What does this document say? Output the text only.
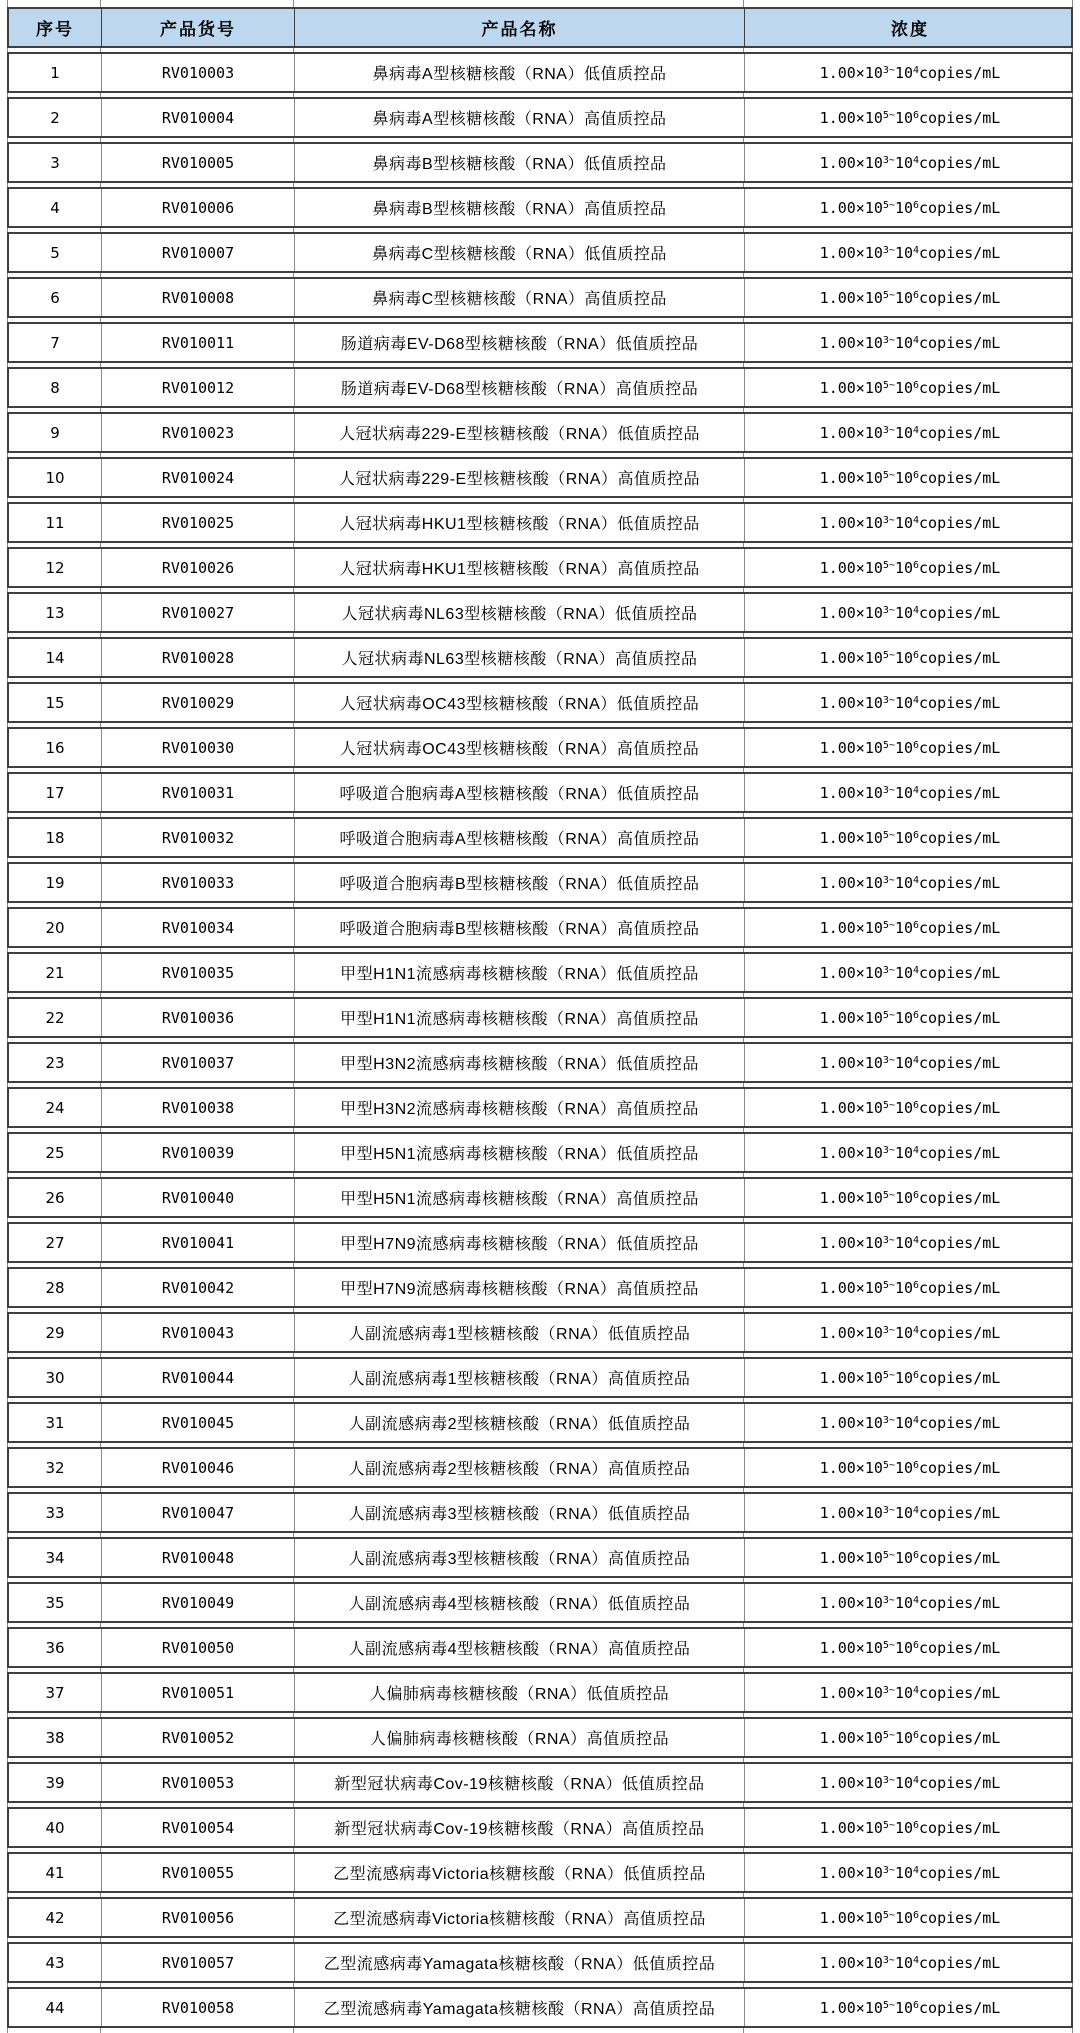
序号	产品货号	产品名称	浓度
1	RV010003	鼻病毒A型核糖核酸（RNA）低值质控品	$1.00\times 10^{3\sim}$ $10^4$ copies/mL
2	RV010004	鼻病毒A型核糖核酸（RNA）高值质控品	$1.00\times 10^{5\sim}$ $10^6$ copies/mL
3	RV010005	鼻病毒B型核糖核酸（RNA）低值质控品	$1.00\times 10^{3\sim}$ $10^4$ copies/mL
4	RV010006	鼻病毒B型核糖核酸（RNA）高值质控品	$1.00\times 10^{5\sim}$ $10^6$ copies/mL
5	RV010007	鼻病毒C型核糖核酸（RNA）低值质控品	$1.00\times 10^{3\sim}$ $10^4$ copies/mL
6	RV010008	鼻病毒C型核糖核酸（RNA）高值质控品	$1.00\times 10^{5\sim}$ $10^6$ copies/mL
7	RV010011	肠道病毒EV-D68型核糖核酸（RNA）低值质控品	$1.00\times 10^{3\sim}$ $10^4$ copies/mL
8	RV010012	肠道病毒EV-D68型核糖核酸（RNA）高值质控品	$1.00\times 10^{5\sim}$ $10^6$ copies/mL
9	RV010023	人冠状病毒229-E型核糖核酸（RNA）低值质控品	$1.00\times 10^{3\sim}$ $10^4$ copies/mL
10	RV010024	人冠状病毒229-E型核糖核酸（RNA）高值质控品	$1.00\times 10^{5\sim}$ $10^6$ copies/mL
11	RV010025	人冠状病毒HKU1型核糖核酸（RNA）低值质控品	$1.00\times 10^{3\sim}$ $10^4$ copies/mL
12	RV010026	人冠状病毒HKU1型核糖核酸（RNA）高值质控品	$1.00\times 10^{5\sim}$ $10^6$ copies/mL
13	RV010027	人冠状病毒NL63型核糖核酸（RNA）低值质控品	$1.00\times 10^{3\sim}$ $10^4$ copies/mL
14	RV010028	人冠状病毒NL63型核糖核酸（RNA）高值质控品	$1.00\times 10^{5\sim}$ $10^6$ copies/mL
15	RV010029	人冠状病毒OC43型核糖核酸（RNA）低值质控品	$1.00\times 10^{3\sim}$ $10^4$ copies/mL
16	RV010030	人冠状病毒OC43型核糖核酸（RNA）高值质控品	$1.00\times 10^{5\sim}$ $10^6$ copies/mL
17	RV010031	呼吸道合胞病毒A型核糖核酸（RNA）低值质控品	$1.00\times 10^{3\sim}$ $10^4$ copies/mL
18	RV010032	呼吸道合胞病毒A型核糖核酸（RNA）高值质控品	$1.00\times 10^{5\sim}$ $10^6$ copies/mL
19	RV010033	呼吸道合胞病毒B型核糖核酸（RNA）低值质控品	$1.00\times 10^{3\sim}$ $10^4$ copies/mL
20	RV010034	呼吸道合胞病毒B型核糖核酸（RNA）高值质控品	$1.00\times 10^{5\sim}$ $10^6$ copies/mL
21	RV010035	甲型H1N1流感病毒核糖核酸（RNA）低值质控品	$1.00\times 10^{3\sim}$ $10^4$ copies/mL
22	RV010036	甲型H1N1流感病毒核糖核酸（RNA）高值质控品	$1.00\times 10^{5\sim}$ $10^6$ copies/mL
23	RV010037	甲型H3N2流感病毒核糖核酸（RNA）低值质控品	$1.00\times 10^{3\sim}$ $10^4$ copies/mL
24	RV010038	甲型H3N2流感病毒核糖核酸（RNA）高值质控品	$1.00\times 10^{5\sim}$ $10^6$ copies/mL
25	RV010039	甲型H5N1流感病毒核糖核酸（RNA）低值质控品	$1.00\times 10^{3\sim}$ $10^4$ copies/mL
26	RV010040	甲型H5N1流感病毒核糖核酸（RNA）高值质控品	$1.00\times 10^{5\sim}$ $10^6$ copies/mL
27	RV010041	甲型H7N9流感病毒核糖核酸（RNA）低值质控品	$1.00\times 10^{3\sim}$ $10^4$ copies/mL
28	RV010042	甲型H7N9流感病毒核糖核酸（RNA）高值质控品	$1.00\times 10^{5\sim}$ $10^6$ copies/mL
29	RV010043	人副流感病毒1型核糖核酸（RNA）低值质控品	$1.00\times 10^{3\sim}$ $10^4$ copies/mL
30	RV010044	人副流感病毒1型核糖核酸（RNA）高值质控品	$1.00\times 10^{5\sim}$ $10^6$ copies/mL
31	RV010045	人副流感病毒2型核糖核酸（RNA）低值质控品	$1.00\times 10^{3\sim}$ $10^4$ copies/mL
32	RV010046	人副流感病毒2型核糖核酸（RNA）高值质控品	$1.00\times 10^{5\sim}$ $10^6$ copies/mL
33	RV010047	人副流感病毒3型核糖核酸（RNA）低值质控品	$1.00\times 10^{3\sim}$ $10^4$ copies/mL
34	RV010048	人副流感病毒3型核糖核酸（RNA）高值质控品	$1.00\times 10^{5\sim}$ $10^6$ copies/mL
35	RV010049	人副流感病毒4型核糖核酸（RNA）低值质控品	$1.00\times 10^{3\sim}$ $10^4$ copies/mL
36	RV010050	人副流感病毒4型核糖核酸（RNA）高值质控品	$1.00\times 10^{5\sim}$ $10^6$ copies/mL
37	RV010051	人偏肺病毒核糖核酸（RNA）低值质控品	$1.00\times 10^{3\sim}$ $10^4$ copies/mL
38	RV010052	人偏肺病毒核糖核酸（RNA）高值质控品	$1.00\times 10^{5\sim}$ $10^6$ copies/mL
39	RV010053	新型冠状病毒Cov-19核糖核酸（RNA）低值质控品	$1.00\times 10^{3\sim}$ $10^4$ copies/mL
40	RV010054	新型冠状病毒Cov-19核糖核酸（RNA）高值质控品	$1.00\times 10^{5\sim}$ $10^6$ copies/mL
41	RV010055	乙型流感病毒Victoria核糖核酸（RNA）低值质控品	$1.00\times 10^{3\sim}$ $10^4$ copies/mL
42	RV010056	乙型流感病毒Victoria核糖核酸（RNA）高值质控品	$1.00\times 10^{5\sim}$ $10^6$ copies/mL
43	RV010057	乙型流感病毒Yamagata核糖核酸（RNA）低值质控品	$1.00\times 10^{3\sim}$ $10^4$ copies/mL
44	RV010058	乙型流感病毒Yamagata核糖核酸（RNA）高值质控品	$1.00\times 10^{5\sim}$ $10^6$ copies/mL
